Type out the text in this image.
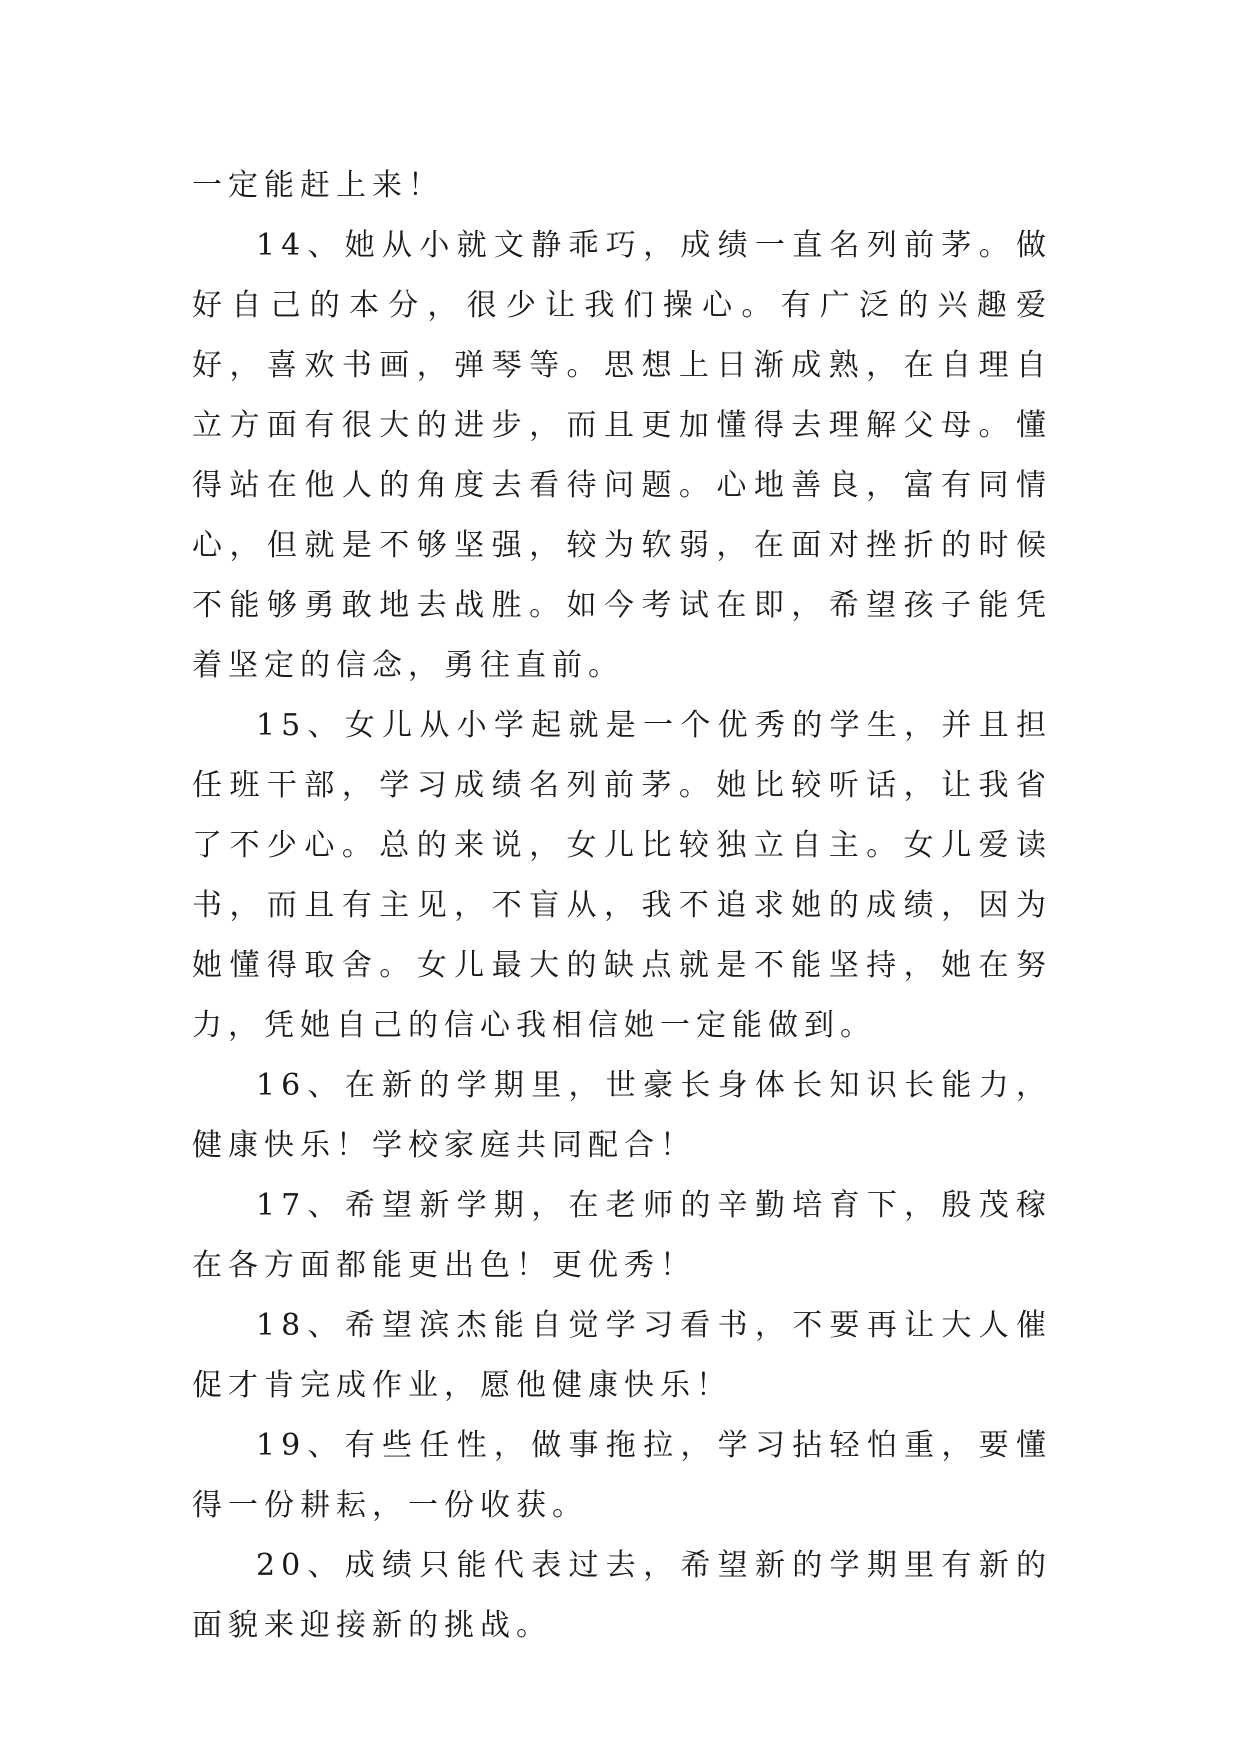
一定能赶上来！

14、她从小就文静乖巧，成绩一直名列前茅。做好自己的本分，很少让我们操心。有广泛的兴趣爱好，喜欢书画，弹琴等。思想上日渐成熟，在自理自立方面有很大的进步，而且更加懂得去理解父母。懂得站在他人的角度去看待问题。心地善良，富有同情心，但就是不够坚强，较为软弱，在面对挫折的时候不能够勇敢地去战胜。如今考试在即，希望孩子能凭着坚定的信念，勇往直前。

15、女儿从小学起就是一个优秀的学生，并且担任班干部，学习成绩名列前茅。她比较听话，让我省了不少心。总的来说，女儿比较独立自主。女儿爱读书，而且有主见，不盲从，我不追求她的成绩，因为她懂得取舍。女儿最大的缺点就是不能坚持，她在努力，凭她自己的信心我相信她一定能做到。

16、在新的学期里，世豪长身体长知识长能力，健康快乐！学校家庭共同配合！

17、希望新学期，在老师的辛勤培育下，殷茂稼在各方面都能更出色！更优秀！

18、希望滨杰能自觉学习看书，不要再让大人催促才肯完成作业，愿他健康快乐！

19、有些任性，做事拖拉，学习拈轻怕重，要懂得一份耕耘，一份收获。

20、成绩只能代表过去，希望新的学期里有新的面貌来迎接新的挑战。
